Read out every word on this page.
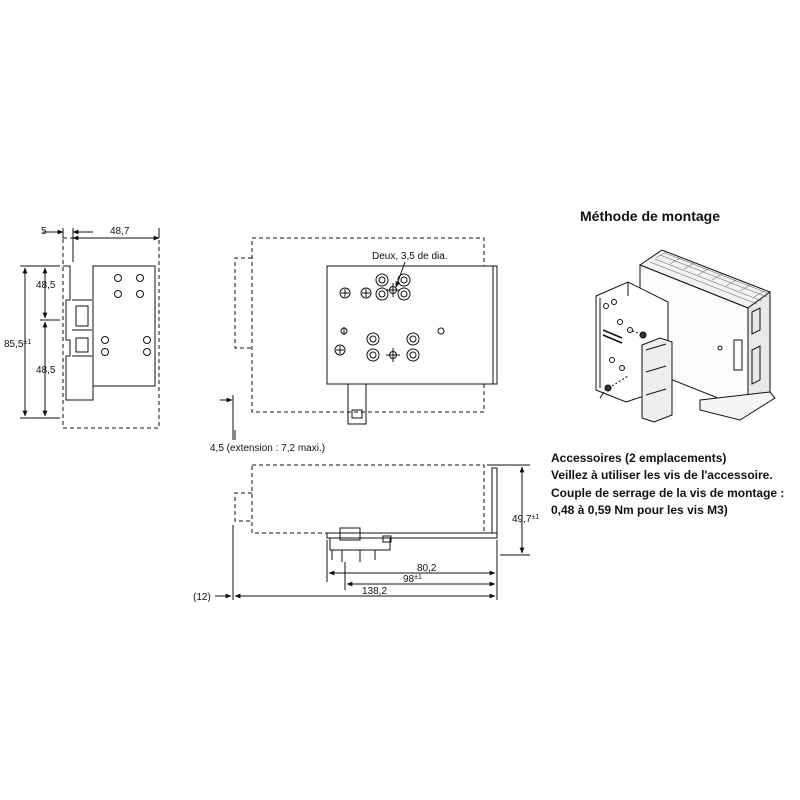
5	48,7
48,5
48,5
$85,5^{\pm 1}$
Deux, 3,5 de dia.
4,5 (extension : 7,2 maxi.)
$49,7^{\pm 1}$
80,2
$98^{\pm 1}$
138,2
(12)
Méthode de montage
Accessoires (2 emplacements)
Veillez à utiliser les vis de l'accessoire.
Couple de serrage de la vis de montage :
0,48 à 0,59 Nm pour les vis M3)
